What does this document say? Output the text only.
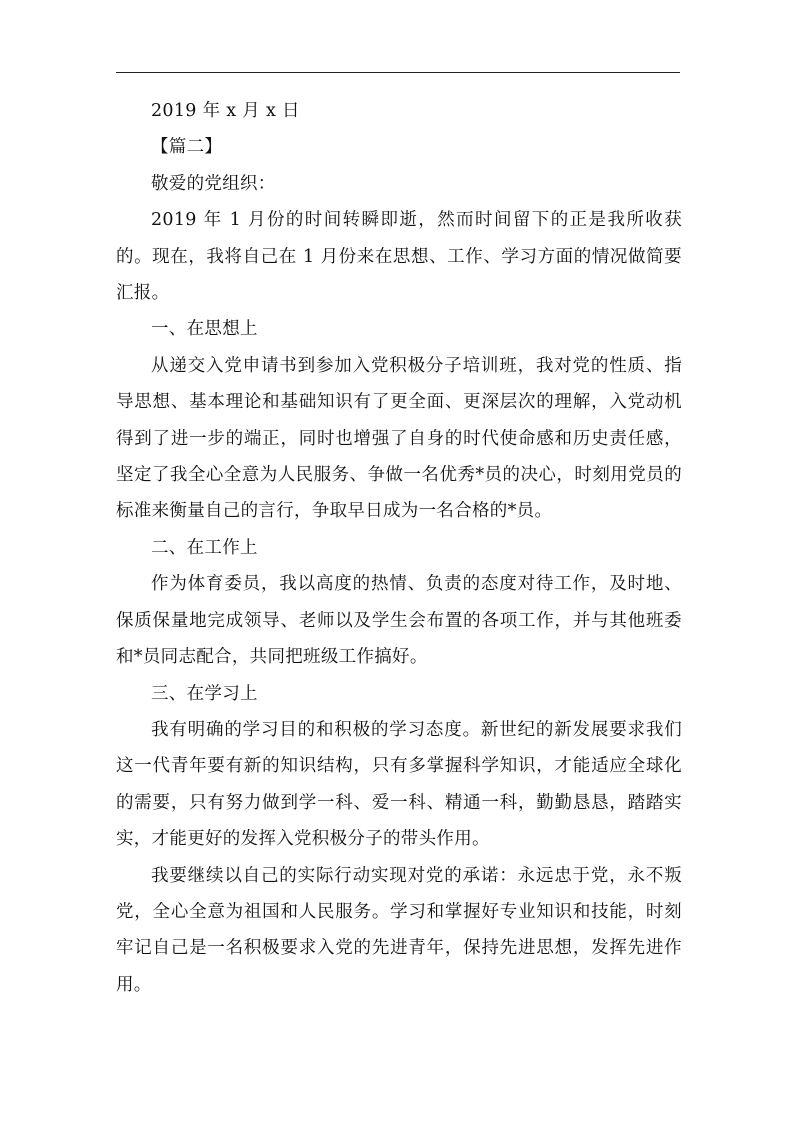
2019 年 x 月 x 日

【篇二】

敬爱的党组织：

2019 年 1 月份的时间转瞬即逝，然而时间留下的正是我所收获的。现在，我将自己在 1 月份来在思想、工作、学习方面的情况做简要汇报。

一、在思想上

从递交入党申请书到参加入党积极分子培训班，我对党的性质、指导思想、基本理论和基础知识有了更全面、更深层次的理解，入党动机得到了进一步的端正，同时也增强了自身的时代使命感和历史责任感，坚定了我全心全意为人民服务、争做一名优秀*员的决心，时刻用党员的标准来衡量自己的言行，争取早日成为一名合格的*员。

二、在工作上

作为体育委员，我以高度的热情、负责的态度对待工作，及时地、保质保量地完成领导、老师以及学生会布置的各项工作，并与其他班委和*员同志配合，共同把班级工作搞好。

三、在学习上

我有明确的学习目的和积极的学习态度。新世纪的新发展要求我们这一代青年要有新的知识结构，只有多掌握科学知识，才能适应全球化的需要，只有努力做到学一科、爱一科、精通一科，勤勤恳恳，踏踏实实，才能更好的发挥入党积极分子的带头作用。

我要继续以自己的实际行动实现对党的承诺：永远忠于党，永不叛党，全心全意为祖国和人民服务。学习和掌握好专业知识和技能，时刻牢记自己是一名积极要求入党的先进青年，保持先进思想，发挥先进作用。
